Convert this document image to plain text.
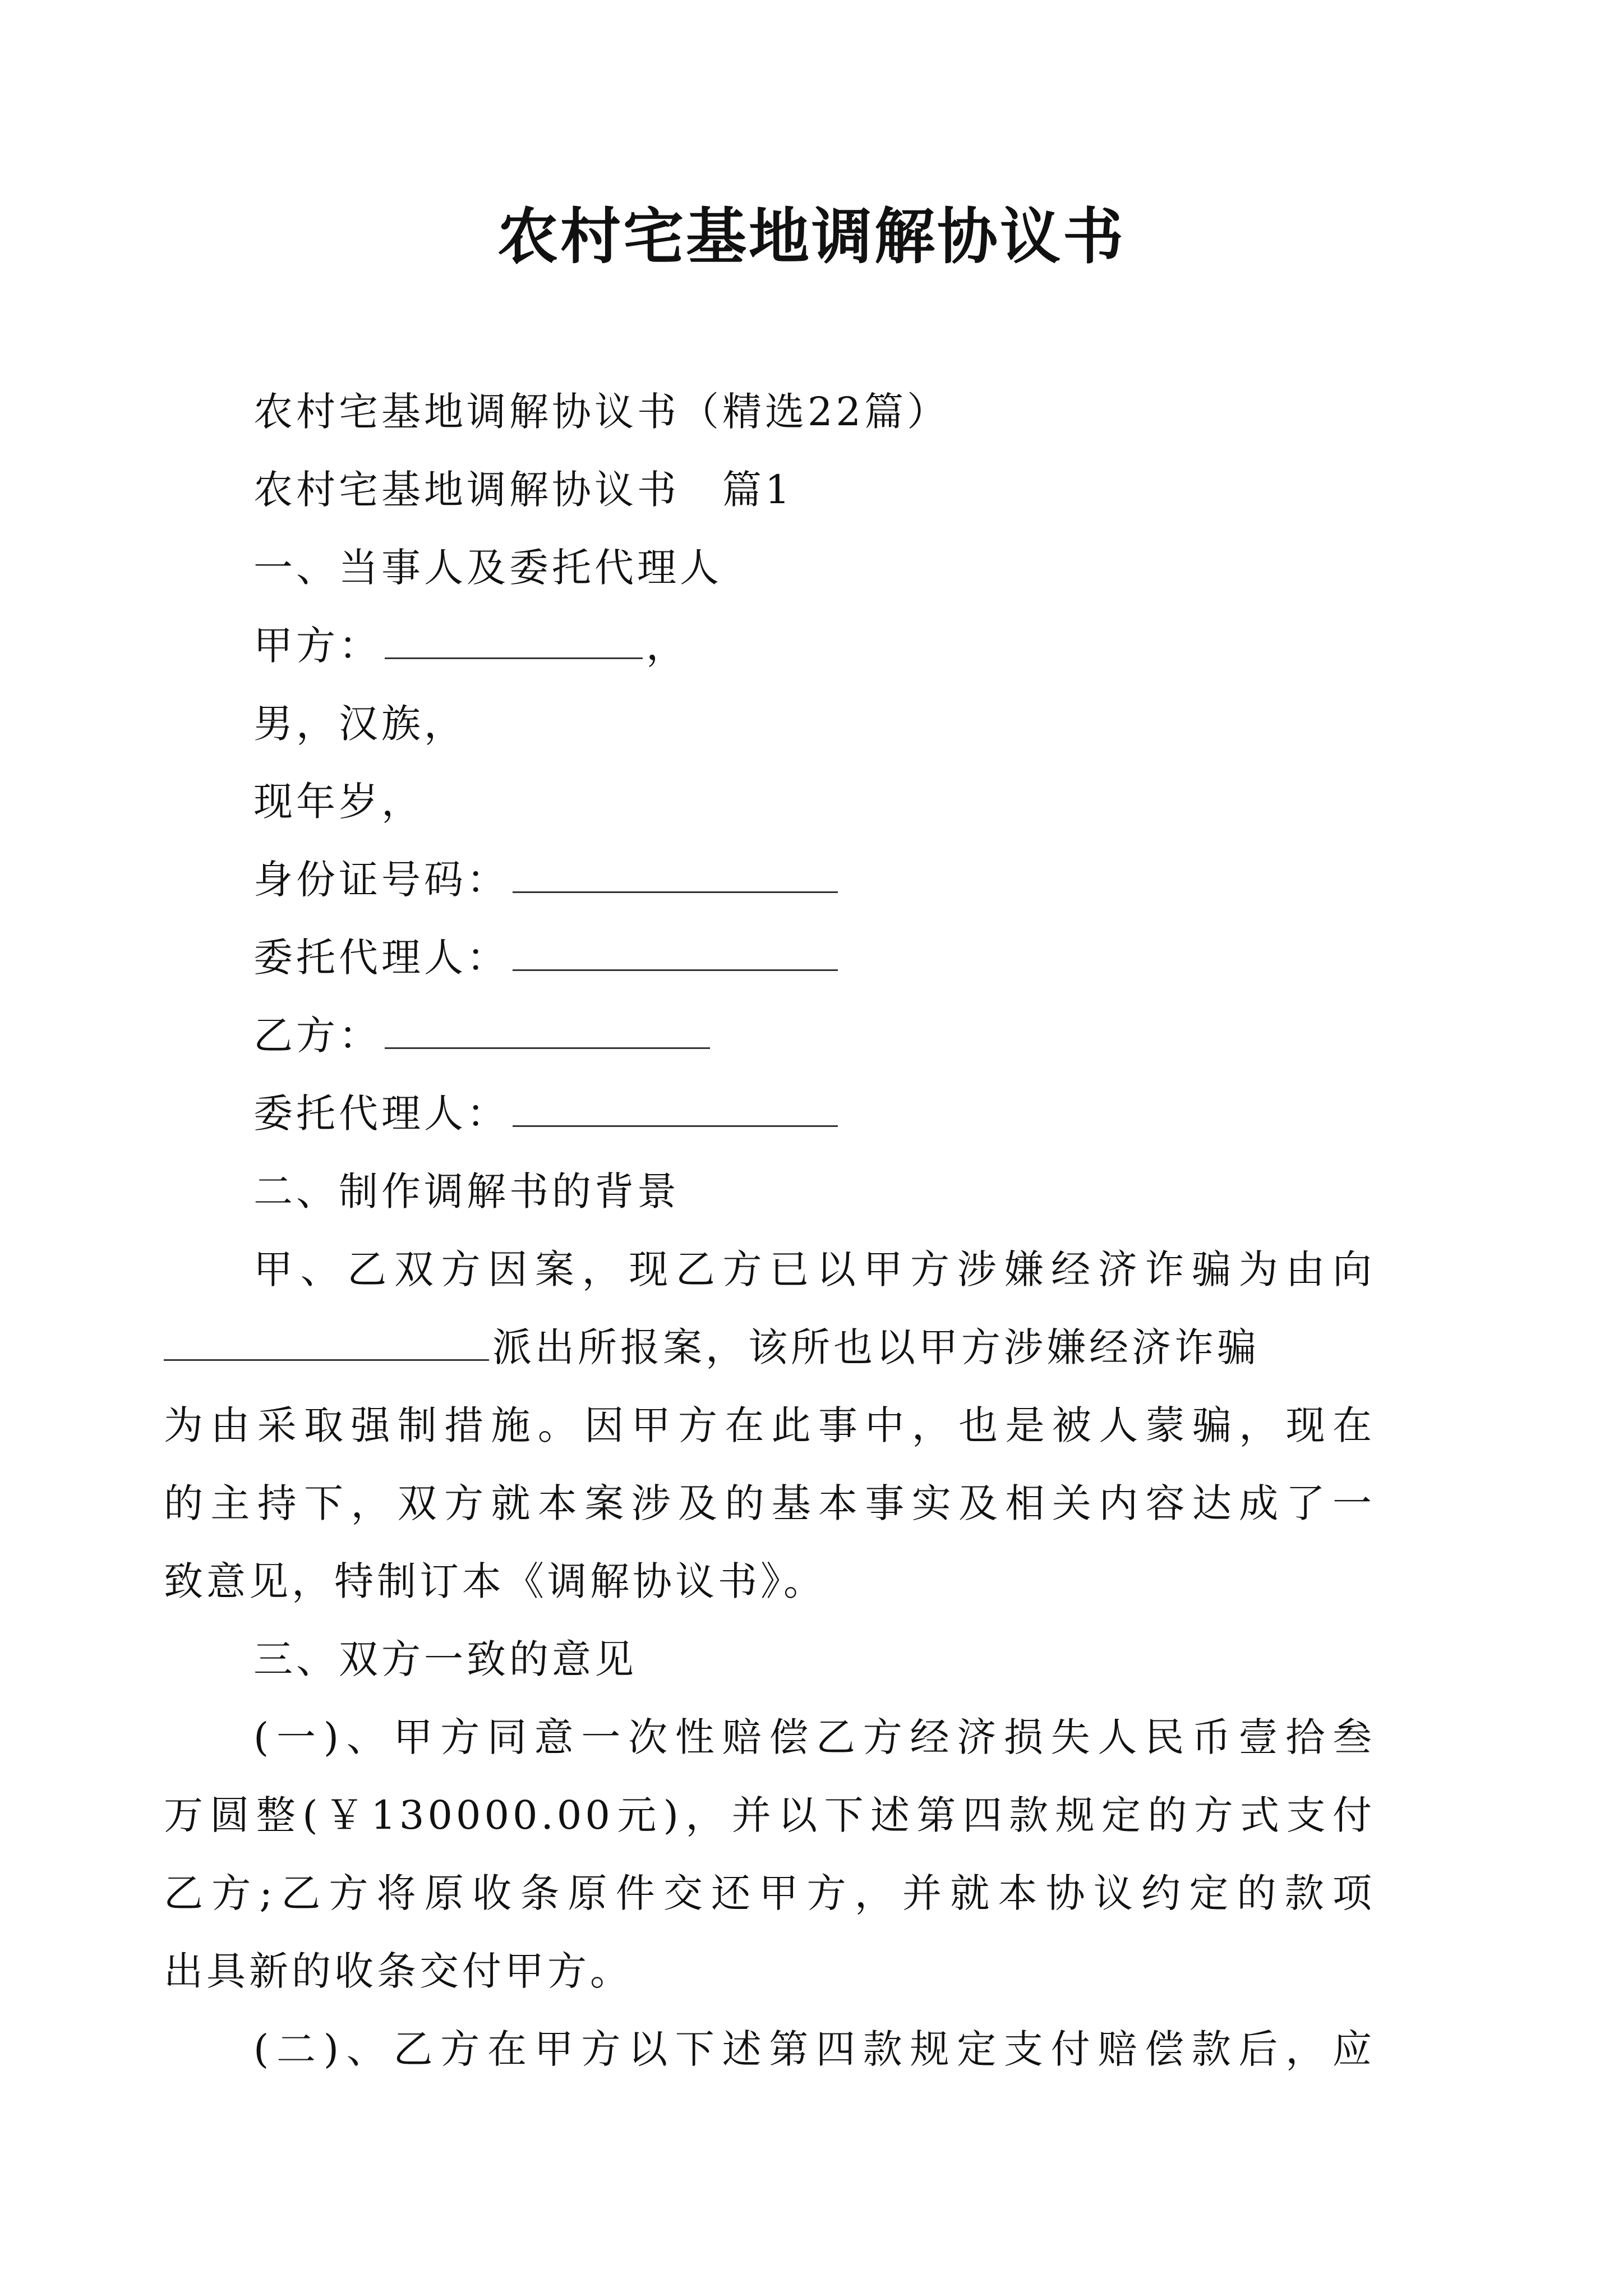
农村宅基地调解协议书
农村宅基地调解协议书（精选22篇）
农村宅基地调解协议书　篇1
一、当事人及委托代理人
甲方：	，
男，汉族，
现年岁，
身份证号码：
委托代理人：
乙方：
委托代理人：
二、制作调解书的背景
甲、乙双方因案，现乙方已以甲方涉嫌经济诈骗为由向
派出所报案，该所也以甲方涉嫌经济诈骗
为由采取强制措施。因甲方在此事中，也是被人蒙骗，现在
的主持下，双方就本案涉及的基本事实及相关内容达成了一
致意见，特制订本《调解协议书》。
三、双方一致的意见
(一)、甲方同意一次性赔偿乙方经济损失人民币壹拾叁
万圆整(￥130000.00元)，并以下述第四款规定的方式支付
乙方;乙方将原收条原件交还甲方，并就本协议约定的款项
出具新的收条交付甲方。
(二)、乙方在甲方以下述第四款规定支付赔偿款后，应
